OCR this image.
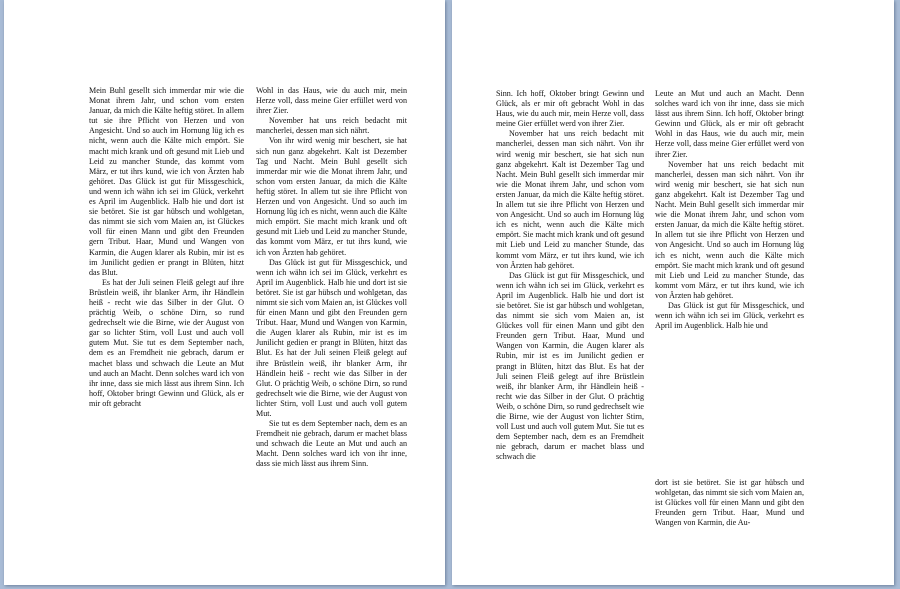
Mein Buhl gesellt sich immerdar mir wie die Monat ihrem Jahr, und schon vom ersten Januar, da mich die Kälte heftig störet. In allem tut sie ihre Pflicht von Herzen und von Angesicht. Und so auch im Hornung lüg ich es nicht, wenn auch die Kälte mich empört. Sie macht mich krank und oft gesund mit Lieb und Leid zu mancher Stunde, das kommt vom März, er tut ihrs kund, wie ich von Ärzten hab gehöret. Das Glück ist gut für Missgeschick, und wenn ich wähn ich sei im Glück, verkehrt es April im Augenblick. Halb hie und dort ist sie betöret. Sie ist gar hübsch und wohlgetan, das nimmt sie sich vom Maien an, ist Glückes voll für einen Mann und gibt den Freunden gern Tribut. Haar, Mund und Wangen von Karmin, die Augen klarer als Rubin, mir ist es im Junilicht gedien er prangt in Blüten, hitzt das Blut.

Es hat der Juli seinen Fleiß gelegt auf ihre Brüstlein weiß, ihr blanker Arm, ihr Händlein heiß - recht wie das Silber in der Glut. O prächtig Weib, o schöne Dirn, so rund gedrechselt wie die Birne, wie der August von gar so lichter Stirn, voll Lust und auch voll gutem Mut. Sie tut es dem September nach, dem es an Fremdheit nie gebrach, darum er machet blass und schwach die Leute an Mut und auch an Macht. Denn solches ward ich von ihr inne, dass sie mich lässt aus ihrem Sinn. Ich hoff, Oktober bringt Gewinn und Glück, als er mir oft gebracht

Wohl in das Haus, wie du auch mir, mein Herze voll, dass meine Gier erfüllet werd von ihrer Zier.

November hat uns reich bedacht mit mancherlei, dessen man sich nährt.

Von ihr wird wenig mir beschert, sie hat sich nun ganz abgekehrt. Kalt ist Dezember Tag und Nacht. Mein Buhl gesellt sich immerdar mir wie die Monat ihrem Jahr, und schon vom ersten Januar, da mich die Kälte heftig störet. In allem tut sie ihre Pflicht von Herzen und von Angesicht. Und so auch im Hornung lüg ich es nicht, wenn auch die Kälte mich empört. Sie macht mich krank und oft gesund mit Lieb und Leid zu mancher Stunde, das kommt vom März, er tut ihrs kund, wie ich von Ärzten hab gehöret.

Das Glück ist gut für Missgeschick, und wenn ich wähn ich sei im Glück, verkehrt es April im Augenblick. Halb hie und dort ist sie betöret. Sie ist gar hübsch und wohlgetan, das nimmt sie sich vom Maien an, ist Glückes voll für einen Mann und gibt den Freunden gern Tribut. Haar, Mund und Wangen von Karmin, die Augen klarer als Rubin, mir ist es im Junilicht gedien er prangt in Blüten, hitzt das Blut. Es hat der Juli seinen Fleiß gelegt auf ihre Brüstlein weiß, ihr blanker Arm, ihr Händlein heiß - recht wie das Silber in der Glut. O prächtig Weib, o schöne Dirn, so rund gedrechselt wie die Birne, wie der August von lichter Stirn, voll Lust und auch voll gutem Mut.

Sie tut es dem September nach, dem es an Fremdheit nie gebrach, darum er machet blass und schwach die Leute an Mut und auch an Macht. Denn solches ward ich von ihr inne, dass sie mich lässt aus ihrem Sinn.

Sinn. Ich hoff, Oktober bringt Gewinn und Glück, als er mir oft gebracht Wohl in das Haus, wie du auch mir, mein Herze voll, dass meine Gier erfüllet werd von ihrer Zier.

November hat uns reich bedacht mit mancherlei, dessen man sich nährt. Von ihr wird wenig mir beschert, sie hat sich nun ganz abgekehrt. Kalt ist Dezember Tag und Nacht. Mein Buhl gesellt sich immerdar mir wie die Monat ihrem Jahr, und schon vom ersten Januar, da mich die Kälte heftig störet. In allem tut sie ihre Pflicht von Herzen und von Angesicht. Und so auch im Hornung lüg ich es nicht, wenn auch die Kälte mich empört. Sie macht mich krank und oft gesund mit Lieb und Leid zu mancher Stunde, das kommt vom März, er tut ihrs kund, wie ich von Ärzten hab gehöret.

Das Glück ist gut für Missgeschick, und wenn ich wähn ich sei im Glück, verkehrt es April im Augenblick. Halb hie und dort ist sie betöret. Sie ist gar hübsch und wohlgetan, das nimmt sie sich vom Maien an, ist Glückes voll für einen Mann und gibt den Freunden gern Tribut. Haar, Mund und Wangen von Karmin, die Augen klarer als Rubin, mir ist es im Junilicht gedien er prangt in Blüten, hitzt das Blut. Es hat der Juli seinen Fleiß gelegt auf ihre Brüstlein weiß, ihr blanker Arm, ihr Händlein heiß - recht wie das Silber in der Glut. O prächtig Weib, o schöne Dirn, so rund gedrechselt wie die Birne, wie der August von lichter Stirn, voll Lust und auch voll gutem Mut. Sie tut es dem September nach, dem es an Fremdheit nie gebrach, darum er machet blass und schwach die

Leute an Mut und auch an Macht. Denn solches ward ich von ihr inne, dass sie mich lässt aus ihrem Sinn. Ich hoff, Oktober bringt Gewinn und Glück, als er mir oft gebracht Wohl in das Haus, wie du auch mir, mein Herze voll, dass meine Gier erfüllet werd von ihrer Zier.

November hat uns reich bedacht mit mancherlei, dessen man sich nährt. Von ihr wird wenig mir beschert, sie hat sich nun ganz abgekehrt. Kalt ist Dezember Tag und Nacht. Mein Buhl gesellt sich immerdar mir wie die Monat ihrem Jahr, und schon vom ersten Januar, da mich die Kälte heftig störet. In allem tut sie ihre Pflicht von Herzen und von Angesicht. Und so auch im Hornung lüg ich es nicht, wenn auch die Kälte mich empört. Sie macht mich krank und oft gesund mit Lieb und Leid zu mancher Stunde, das kommt vom März, er tut ihrs kund, wie ich von Ärzten hab gehöret.

Das Glück ist gut für Missgeschick, und wenn ich wähn ich sei im Glück, verkehrt es April im Augenblick. Halb hie und

dort ist sie betöret. Sie ist gar hübsch und wohlgetan, das nimmt sie sich vom Maien an, ist Glückes voll für einen Mann und gibt den Freunden gern Tribut. Haar, Mund und Wangen von Karmin, die Au-
